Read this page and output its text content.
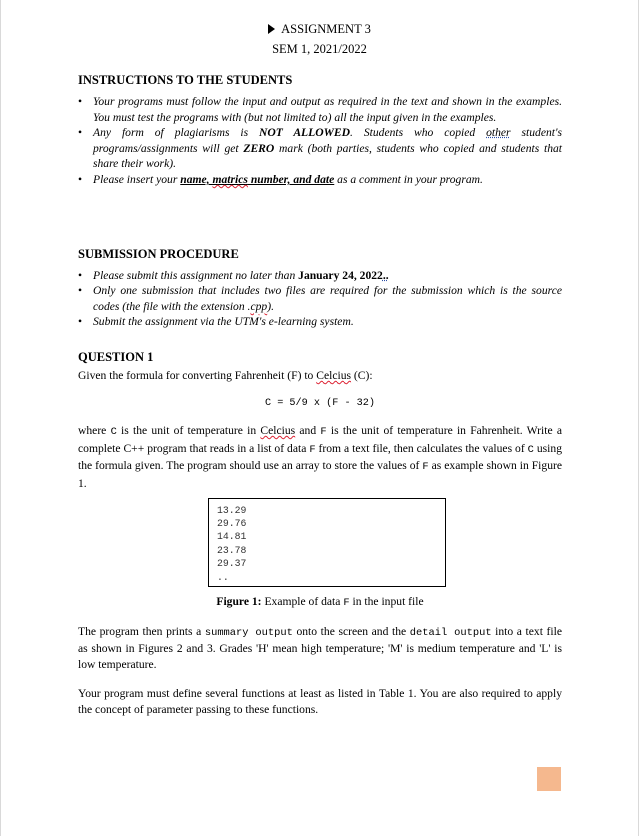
ASSIGNMENT 3
SEM 1, 2021/2022
INSTRUCTIONS TO THE STUDENTS
• Your programs must follow the input and output as required in the text and shown in the examples. You must test the programs with (but not limited to) all the input given in the examples.
• Any form of plagiarisms is NOT ALLOWED. Students who copied other student's programs/assignments will get ZERO mark (both parties, students who copied and students that share their work).
• Please insert your name, matrics number, and date as a comment in your program.
SUBMISSION PROCEDURE
• Please submit this assignment no later than January 24, 2022..
• Only one submission that includes two files are required for the submission which is the source codes (the file with the extension .cpp).
• Submit the assignment via the UTM's e-learning system.
QUESTION 1

Given the formula for converting Fahrenheit (F) to Celcius (C):

C = 5/9 x (F - 32)

where C is the unit of temperature in Celcius and F is the unit of temperature in Fahrenheit. Write a complete C++ program that reads in a list of data F from a text file, then calculates the values of C using the formula given. The program should use an array to store the values of F as example shown in Figure 1.

13.29
29.76
14.81
23.78
29.37
..
Figure 1: Example of data F in the input file

The program then prints a summary output onto the screen and the detail output into a text file as shown in Figures 2 and 3. Grades 'H' mean high temperature; 'M' is medium temperature and 'L' is low temperature.

Your program must define several functions at least as listed in Table 1. You are also required to apply the concept of parameter passing to these functions.
